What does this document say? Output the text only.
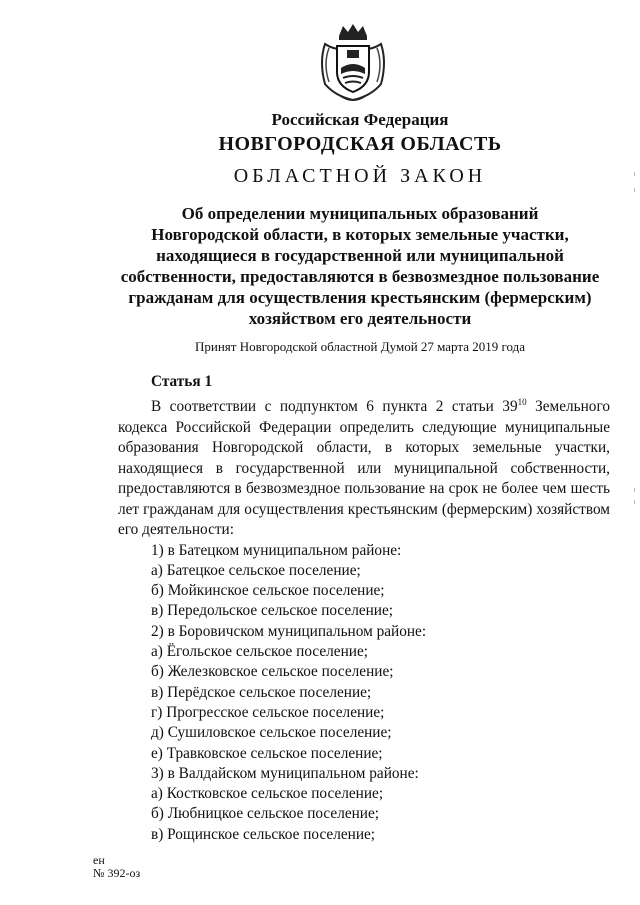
Российская Федерация
НОВГОРОДСКАЯ ОБЛАСТЬ
ОБЛАСТНОЙ ЗАКОН
Об определении муниципальных образований
Новгородской области, в которых земельные участки,
находящиеся в государственной или муниципальной
собственности, предоставляются в безвозмездное пользование
гражданам для осуществления крестьянским (фермерским)
хозяйством его деятельности
Принят Новгородской областной Думой 27 марта 2019 года
Статья 1

В соответствии с подпунктом 6 пункта 2 статьи $39^{10}$ Земельного кодекса Российской Федерации определить следующие муниципальные образования Новгородской области, в которых земельные участки, находящиеся в государственной или муниципальной собственности, предоставляются в безвозмездное пользование на срок не более чем шесть лет гражданам для осуществления крестьянским (фермерским) хозяйством его деятельности:

1) в Батецком муниципальном районе:
а) Батецкое сельское поселение;
б) Мойкинское сельское поселение;
в) Передольское сельское поселение;
2) в Боровичском муниципальном районе:
а) Ёгольское сельское поселение;
б) Железковское сельское поселение;
в) Перёдское сельское поселение;
г) Прогресское сельское поселение;
д) Сушиловское сельское поселение;
е) Травковское сельское поселение;
3) в Валдайском муниципальном районе:
а) Костковское сельское поселение;
б) Любницкое сельское поселение;
в) Рощинское сельское поселение;
ен
№ 392-оз
